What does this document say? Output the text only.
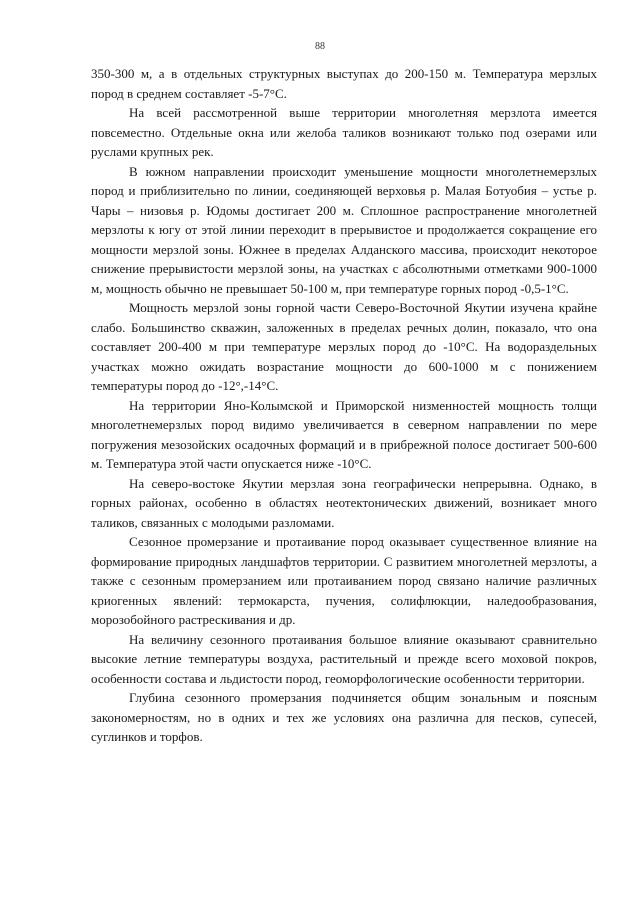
88

350-300 м, а в отдельных структурных выступах до 200-150 м. Температура мерзлых пород в среднем составляет -5-7°С.

На всей рассмотренной выше территории многолетняя мерзлота имеется повсеместно. Отдельные окна или желоба таликов возникают только под озерами или руслами крупных рек.

В южном направлении происходит уменьшение мощности многолетнемерзлых пород и приблизительно по линии, соединяющей верховья р. Малая Ботуобия – устье р. Чары – низовья р. Юдомы достигает 200 м. Сплошное распространение многолетней мерзлоты к югу от этой линии переходит в прерывистое и продолжается сокращение его мощности мерзлой зоны. Южнее в пределах Алданского массива, происходит некоторое снижение прерывистости мерзлой зоны, на участках с абсолютными отметками 900-1000 м, мощность обычно не превышает 50-100 м, при температуре горных пород -0,5-1°С.

Мощность мерзлой зоны горной части Северо-Восточной Якутии изучена крайне слабо. Большинство скважин, заложенных в пределах речных долин, показало, что она составляет 200-400 м при температуре мерзлых пород до -10°С. На водораздельных участках можно ожидать возрастание мощности до 600-1000 м с понижением температуры пород до -12°,-14°С.

На территории Яно-Колымской и Приморской низменностей мощность толщи многолетнемерзлых пород видимо увеличивается в северном направлении по мере погружения мезозойских осадочных формаций и в прибрежной полосе достигает 500-600 м. Температура этой части опускается ниже -10°С.

На северо-востоке Якутии мерзлая зона географически непрерывна. Однако, в горных районах, особенно в областях неотектонических движений, возникает много таликов, связанных с молодыми разломами.

Сезонное промерзание и протаивание пород оказывает существенное влияние на формирование природных ландшафтов территории. С развитием многолетней мерзлоты, а также с сезонным промерзанием или протаиванием пород связано наличие различных криогенных явлений: термокарста, пучения, солифлюкции, наледообразования, морозобойного растрескивания и др.

На величину сезонного протаивания большое влияние оказывают сравнительно высокие летние температуры воздуха, растительный и прежде всего моховой покров, особенности состава и льдистости пород, геоморфологические особенности территории.

Глубина сезонного промерзания подчиняется общим зональным и поясным закономерностям, но в одних и тех же условиях она различна для песков, супесей, суглинков и торфов.
